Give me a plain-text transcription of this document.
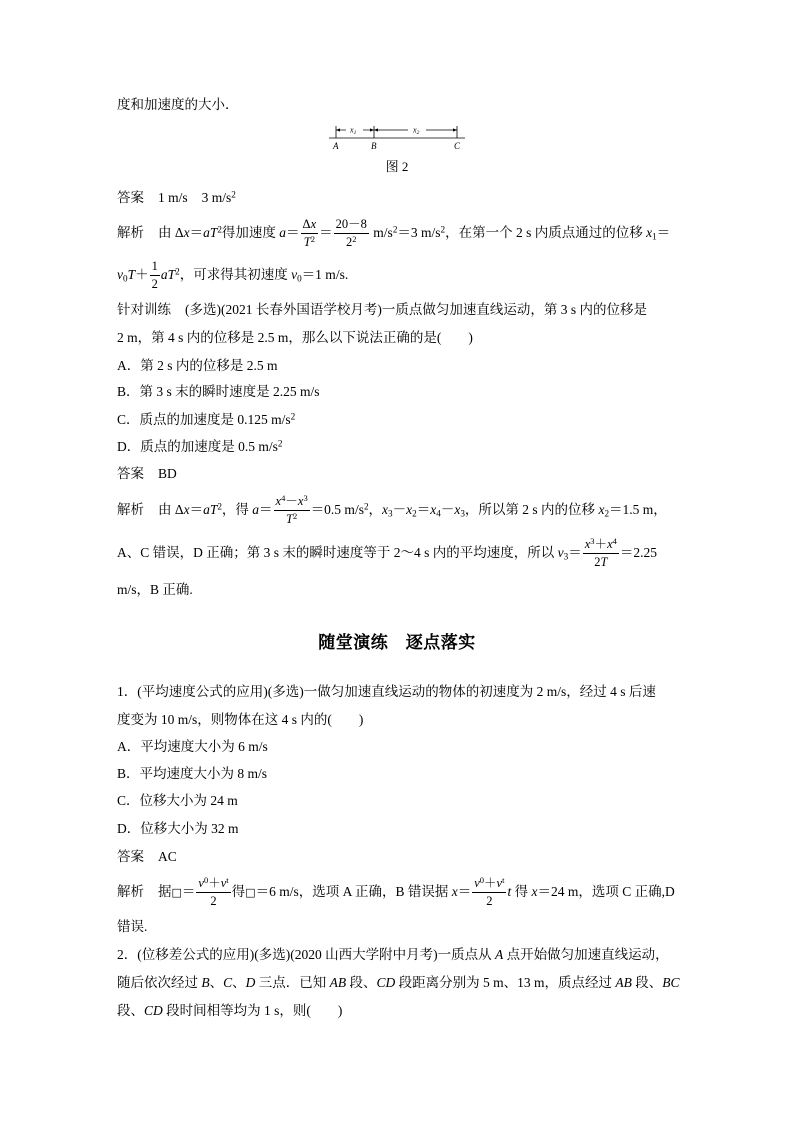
度和加速度的大小．
x1	x2
A	B	C
图 2
答案 1 m/s 3 $m/s^2$
解析 由 $\Delta x=aT^2$得加速度 $a= \frac{\Delta x}{T^2} = \frac{20-8}{2^2} m/s^2=3$ $m/s^2$，在第一个 2 s 内质点通过的位移 $x_1=$
$v_0T+ \frac{1}{2} aT^2$，可求得其初速度 $v_0=1$ m/s.
针对训练 (多选)(2021 长春外国语学校月考)一质点做匀加速直线运动，第 3 s 内的位移是
2 m，第 4 s 内的位移是 2.5 m，那么以下说法正确的是(　　)
A．第 2 s 内的位移是 2.5 m
B．第 3 s 末的瞬时速度是 2.25 m/s
C．质点的加速度是 0.125 $m/s^2$
D．质点的加速度是 0.5 $m/s^2$
答案 BD
解析 由 $\Delta x=aT^2$，得 $a= \frac{x^4-x^3}{T^2} =0.5$ $m/s^2$，$x_3-x_2=x_4-x_3$，所以第 2 s 内的位移 $x_2=1.5$ m，
A、C 错误，D 正确；第 3 s 末的瞬时速度等于 2～4 s 内的平均速度，所以 $v_3= \frac{x^3+x^4}{2T} =2.25$
m/s，B 正确.
随堂演练　逐点落实
1．(平均速度公式的应用)(多选)一做匀加速直线运动的物体的初速度为 2 m/s，经过 4 s 后速
度变为 10 m/s，则物体在这 4 s 内的(　　)
A．平均速度大小为 6 m/s
B．平均速度大小为 8 m/s
C．位移大小为 24 m
D．位移大小为 32 m
答案 AC
解析 据□＝ $\frac{v^0+v^t}{2}$ 得□＝6 m/s，选项 A 正确，B 错误据 $x= \frac{v^0+v^t}{2}$ t 得 x＝24 m，选项 C 正确,D
错误.
2．(位移差公式的应用)(多选)(2020 山西大学附中月考)一质点从 A 点开始做匀加速直线运动，
随后依次经过 B、C、D 三点．已知 AB 段、CD 段距离分别为 5 m、13 m，质点经过 AB 段、BC
段、CD 段时间相等均为 1 s，则(　　)
